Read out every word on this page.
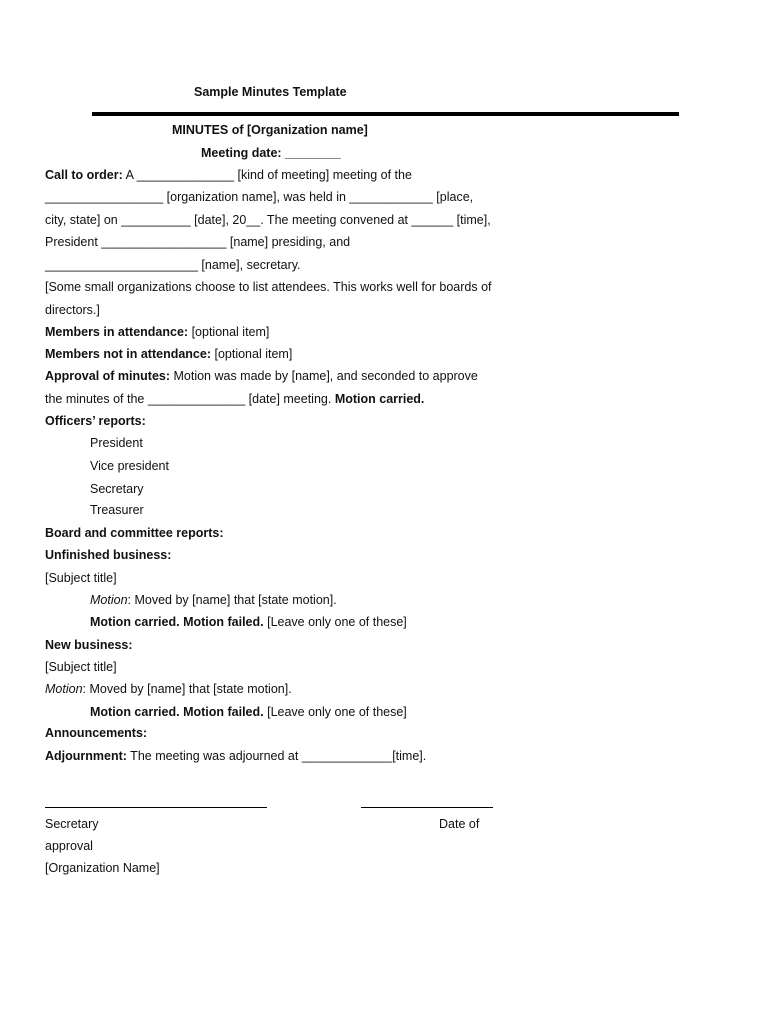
Sample Minutes Template
MINUTES of [Organization name]
Meeting date: ________
Call to order: A ______________ [kind of meeting] meeting of the
_________________ [organization name], was held in ____________ [place,
city, state] on __________ [date], 20__. The meeting convened at ______ [time],
President __________________ [name] presiding, and
______________________ [name], secretary.
[Some small organizations choose to list attendees. This works well for boards of
directors.]
Members in attendance: [optional item]
Members not in attendance: [optional item]
Approval of minutes: Motion was made by [name], and seconded to approve
the minutes of the ______________ [date] meeting. Motion carried.
Officers’ reports:
President
Vice president
Secretary
Treasurer
Board and committee reports:
Unfinished business:
[Subject title]
Motion: Moved by [name] that [state motion].
Motion carried. Motion failed. [Leave only one of these]
New business:
[Subject title]
Motion: Moved by [name] that [state motion].
Motion carried. Motion failed. [Leave only one of these]
Announcements:
Adjournment: The meeting was adjourned at _____________[time].
Secretary	Date of
approval
[Organization Name]
